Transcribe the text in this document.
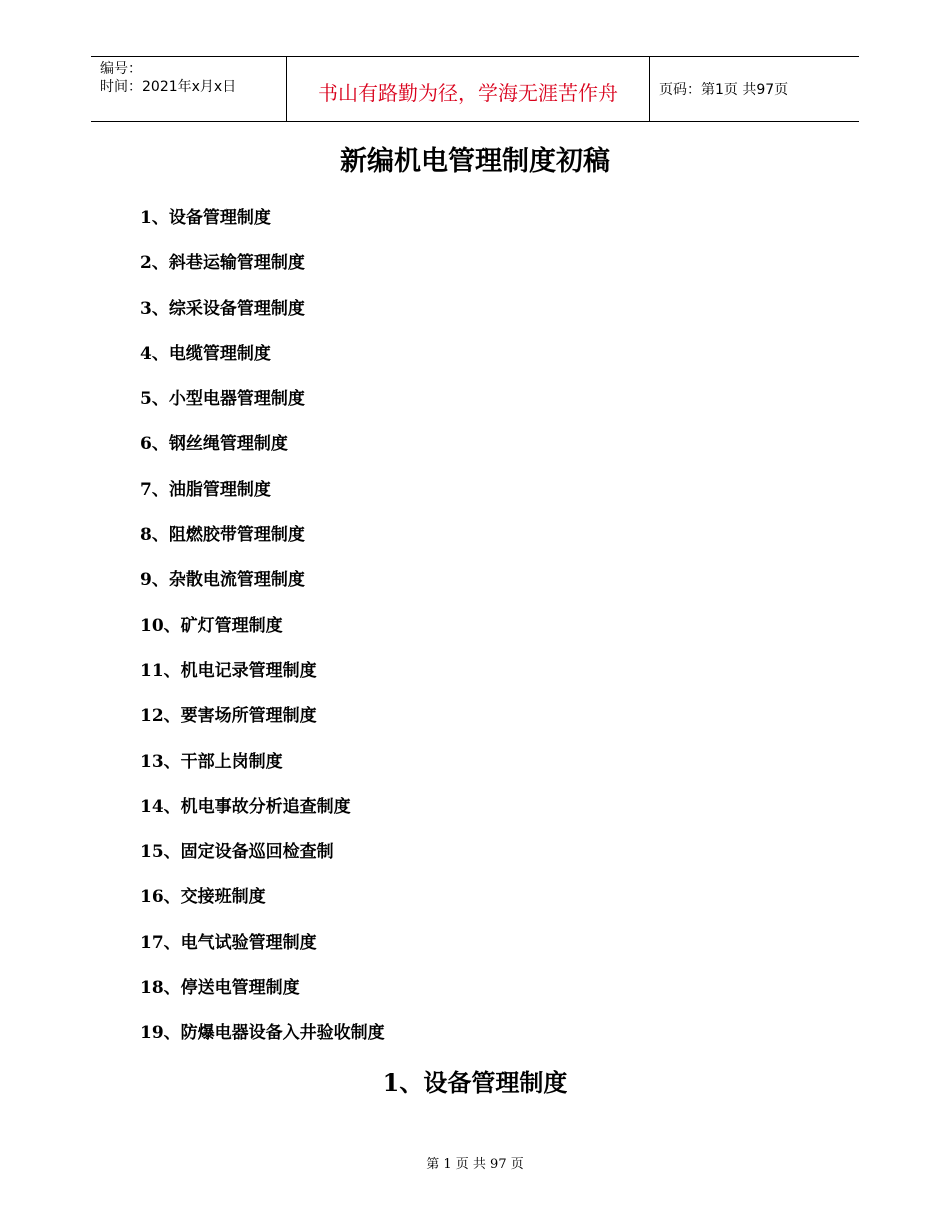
编号：
时间：2021年x月x日	书山有路勤为径，学海无涯苦作舟	页码：第1页 共97页
新编机电管理制度初稿
1、设备管理制度
2、斜巷运输管理制度
3、综采设备管理制度
4、电缆管理制度
5、小型电器管理制度
6、钢丝绳管理制度
7、油脂管理制度
8、阻燃胶带管理制度
9、杂散电流管理制度
10、矿灯管理制度
11、机电记录管理制度
12、要害场所管理制度
13、干部上岗制度
14、机电事故分析追查制度
15、固定设备巡回检查制
16、交接班制度
17、电气试验管理制度
18、停送电管理制度
19、防爆电器设备入井验收制度
1、设备管理制度
第 1 页 共 97 页
